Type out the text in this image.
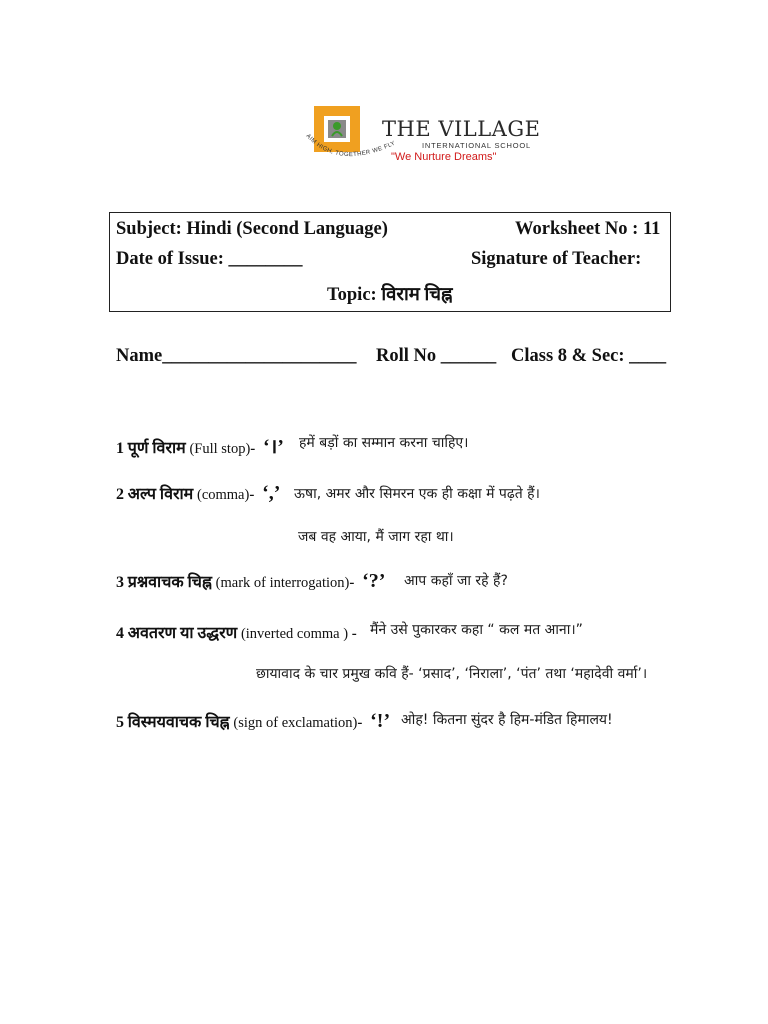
AIM HIGH, TOGETHER WE FLY
THE VILLAGE
INTERNATIONAL SCHOOL
"We Nurture Dreams"
Subject: Hindi (Second Language)	Worksheet No : 11
Date of Issue: ________	Signature of Teacher:
Topic: विराम चिह्न
Name_____________________ Roll No ______ Class 8 & Sec: ____
1 पूर्ण विराम (Full stop)- ‘।’ हमें बड़ों का सम्मान करना चाहिए।
2 अल्प विराम (comma)- ‘,’ ऊषा, अमर और सिमरन एक ही कक्षा में पढ़ते हैं।
जब वह आया, मैं जाग रहा था।
3 प्रश्नवाचक चिह्न (mark of interrogation)- ‘?’ आप कहाँ जा रहे हैं?
4 अवतरण या उद्धरण (inverted comma ) - मैंने उसे पुकारकर कहा “ कल मत आना।”
छायावाद के चार प्रमुख कवि हैं- ‘प्रसाद’, ‘निराला’, ‘पंत’ तथा ‘महादेवी वर्मा’।
5 विस्मयवाचक चिह्न (sign of exclamation)- ‘!’ ओह! कितना सुंदर है हिम-मंडित हिमालय!
